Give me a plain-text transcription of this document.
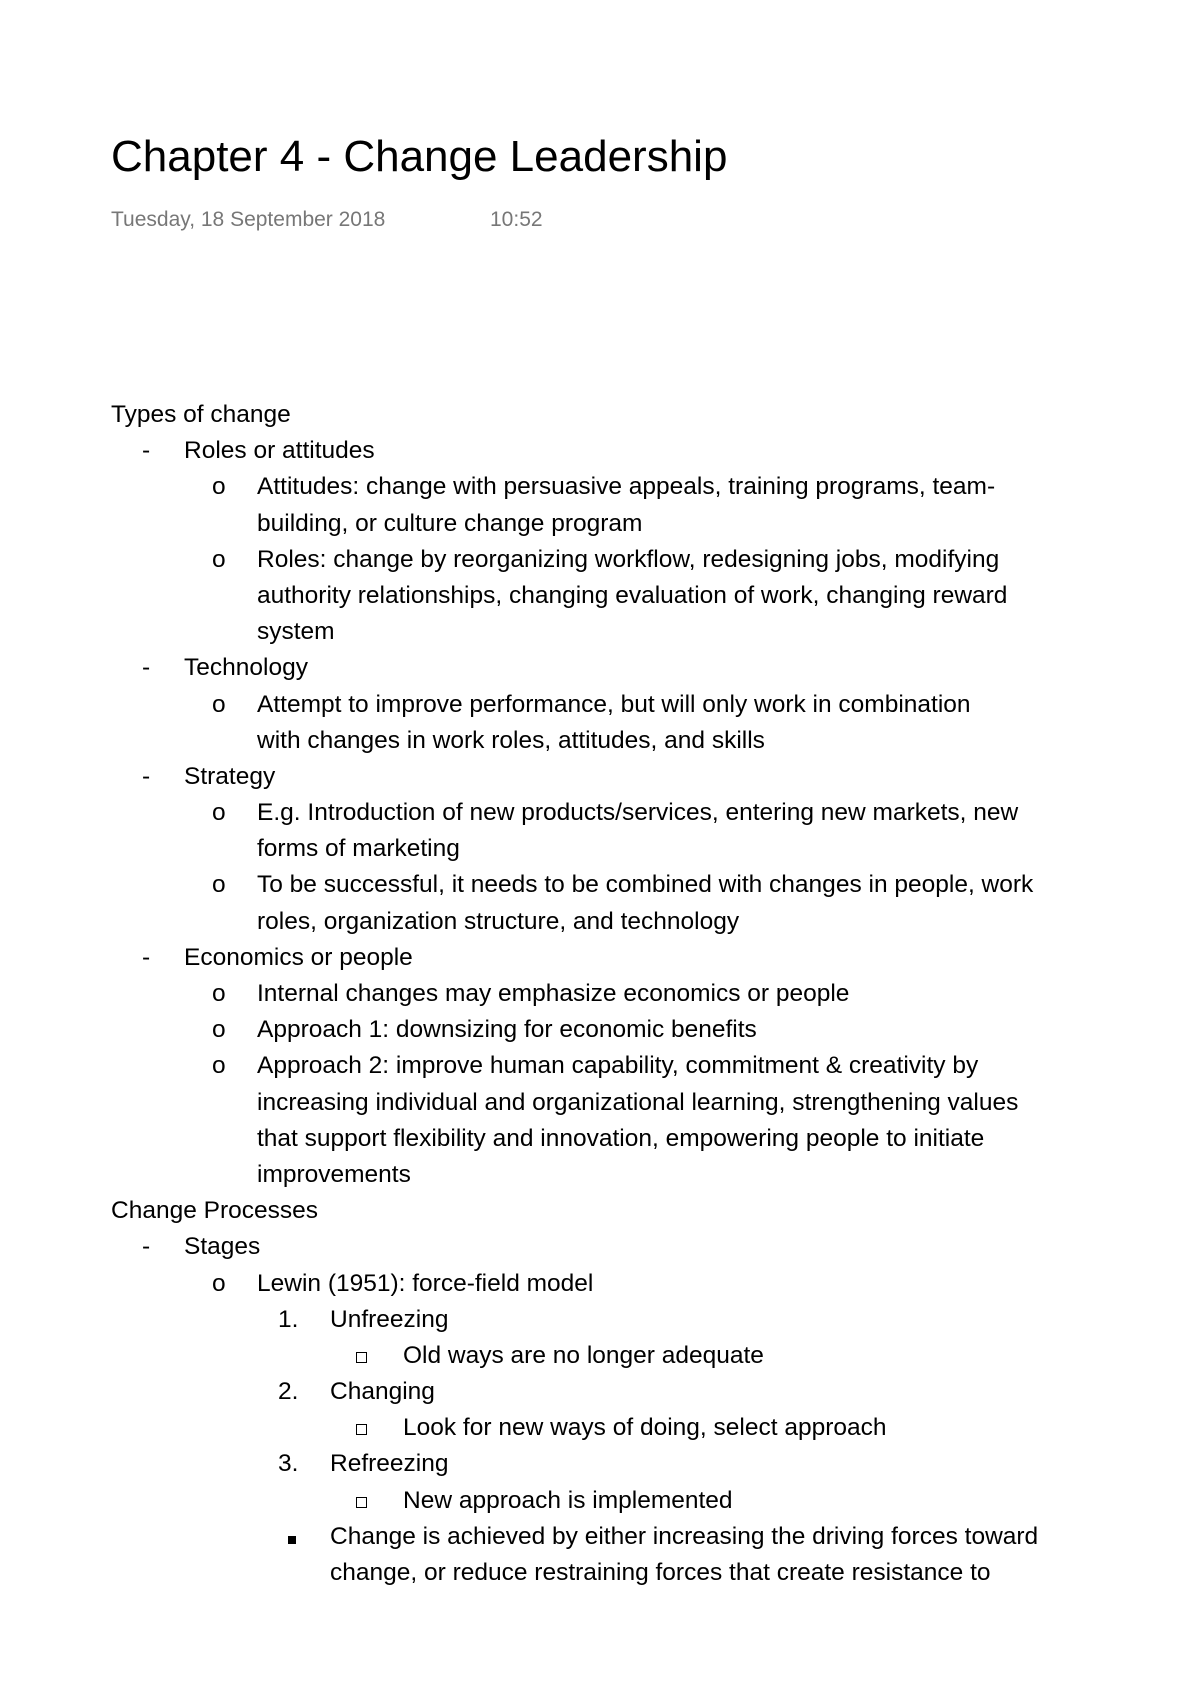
Chapter 4 - Change Leadership
Tuesday, 18 September 2018	10:52
Types of change
- Roles or attitudes
o Attitudes: change with persuasive appeals, training programs, team-
building, or culture change program
o Roles: change by reorganizing workflow, redesigning jobs, modifying
authority relationships, changing evaluation of work, changing reward
system
- Technology
o Attempt to improve performance, but will only work in combination
with changes in work roles, attitudes, and skills
- Strategy
o E.g. Introduction of new products/services, entering new markets, new
forms of marketing
o To be successful, it needs to be combined with changes in people, work
roles, organization structure, and technology
- Economics or people
o Internal changes may emphasize economics or people
o Approach 1: downsizing for economic benefits
o Approach 2: improve human capability, commitment & creativity by
increasing individual and organizational learning, strengthening values
that support flexibility and innovation, empowering people to initiate
improvements
Change Processes
- Stages
o Lewin (1951): force-field model
1. Unfreezing
Old ways are no longer adequate
2. Changing
Look for new ways of doing, select approach
3. Refreezing
New approach is implemented
Change is achieved by either increasing the driving forces toward
change, or reduce restraining forces that create resistance to
